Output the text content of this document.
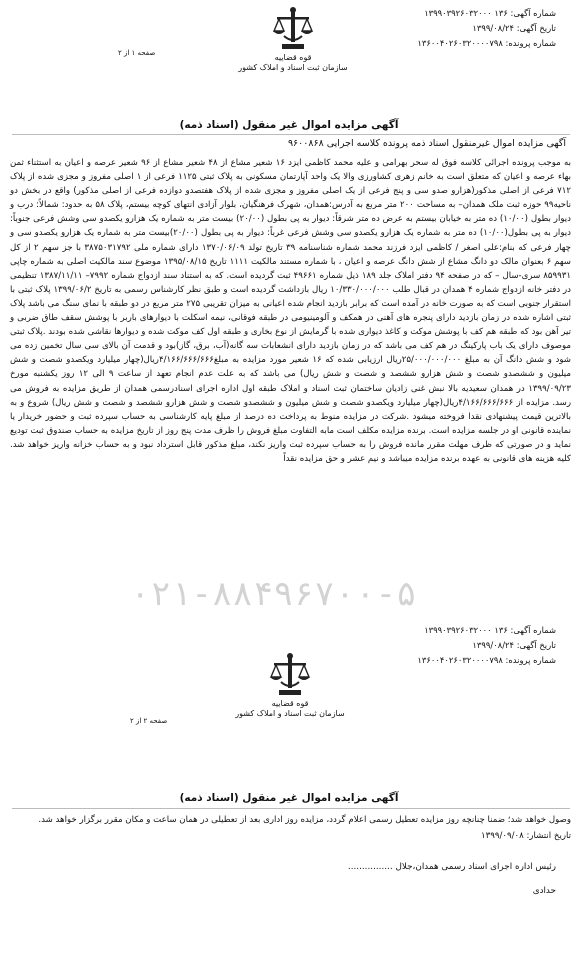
شماره آگهی: ۱۳۶ ۱۳۹۹۰۳۹۲۶۰۳۲۰۰۰
تاریخ آگهی: ۱۳۹۹/۰۸/۲۴
شماره پرونده: ۱۳۶۰۰۴۰۲۶۰۳۲۰۰۰۰۷۹۸
قوه قضاییه
سازمان ثبت اسناد و املاک کشور
صفحه ۱ از ۲
آگهی مزایده اموال غیر منقول (اسناد ذمه)
آگهی مزایده اموال غیرمنقول اسناد ذمه پرونده کلاسه اجرایی ۹۶۰۰۸۶۸
به موجب پرونده اجرائی کلاسه فوق له سحر بهرامی و علیه محمد کاظمی ایزد ۱۶ شعیر مشاع از ۴۸ شعیر مشاع از ۹۶ شعیر عرصه و اعیان به استثناء ثمن بهاء عرصه و اعیان که متعلق است به خانم زهری کشاورزی والا یک واحد آپارتمان مسکونی به پلاک ثبتی ۱۱۲۵ فرعی از ۱ اصلی مفروز و مجزی شده از پلاک ۷۱۲ فرعی از اصلی مذکور(هزارو صدو سی و پنج فرعی از یک اصلی مفروز و مجزی شده از پلاک هفتصدو دوازده فرعی از اصلی مذکور) واقع در بخش دو ناحیه۹۹ حوزه ثبت ملک همدان– به مساحت ۲۰۰ متر مربع به آدرس:همدان، شهرک فرهنگیان، بلوار آزادی انتهای کوچه بیستم، پلاک ۵۸ به حدود: شمالاً: درب و دیوار بطول (۱۰/۰۰) ده متر به خیابان بیستم به عرض ده متر شرقاً: دیوار به پی بطول (۲۰/۰۰) بیست متر به شماره یک هزارو یکصدو سی وشش فرعی جنوباً: دیوار به پی بطول(۱۰/۰۰) ده متر به شماره یک هزارو یکصدو سی وشش فرعی غرباً: دیوار به پی بطول (۲۰/۰۰)بیست متر به شماره یک هزارو یکصدو سی و چهار فرعی که بنام:علی اصغر / کاظمی ایزد فرزند محمد شماره شناسنامه ۳۹ تاریخ تولد ۱۳۷۰/۰۶/۰۹ دارای شماره ملی ۳۸۷۵۰۳۱۷۹۲ با جز سهم ۲ از کل سهم ۶ بعنوان مالک دو دانگ مشاع از شش دانگ عرصه و اعیان ، با شماره مستند مالکیت ۱۱۱۱ تاریخ ۱۳۹۵/۰۸/۱۵ موضوع سند مالکیت اصلی به شماره چاپی ۸۵۹۹۳۱ سری-سال – که در صفحه ۹۴ دفتر املاک جلد ۱۸۹ ذیل شماره ۴۹۶۶۱ ثبت گردیده است. که به استناد سند ازدواج شماره ۷۹۹۲– ۱۳۸۷/۱۱/۱۱ تنظیمی در دفتر خانه ازدواج شماره ۴ همدان در قبال طلب ۱۰/۳۳۰/۰۰۰/۰۰۰ ریال بازداشت گردیده است و طبق نظر کارشناس رسمی به تاریخ ۱۳۹۹/۰۶/۲ پلاک ثبتی با استقرار جنوبی است که به صورت خانه در آمده است که برابر بازدید انجام شده اعیانی به میزان تقریبی ۲۷۵ متر مربع در دو طبقه با نمای سنگ می باشد پلاک ثبتی اشاره شده در زمان بازدید دارای پنجره های آهنی در همکف و آلومینیومی در طبقه فوقانی، نیمه اسکلت با دیوارهای باربر با پوشش سقف طاق ضربی و تیر آهن بود که طبقه هم کف با پوشش موکت و کاغذ دیواری شده با گرمایش از نوع بخاری و طبقه اول کف موکت شده و دیوارها نقاشی شده بودند .پلاک ثبتی موصوف دارای یک باب پارکینگ در هم کف می باشد که در زمان بازدید دارای انشعابات سه گانه(آب، برق، گاز)بود و قدمت آن بالای سی سال تخمین زده می شود و شش دانگ آن به مبلغ ۲۵/۰۰۰/۰۰۰/۰۰۰ریال ارزیابی شده که ۱۶ شعیر مورد مزایده به مبلغ۴/۱۶۶/۶۶۶/۶۶۶ریال(چهار میلیارد ویکصدو شصت و شش میلیون و ششصدو شصت و شش هزارو ششصد و شصت و شش ریال) می باشد که به علت عدم انجام تعهد از ساعت ۹ الی ۱۲ روز یکشنبه مورخ ۱۳۹۹/۰۹/۲۳ در همدان سعیدیه بالا نبش غنی زادیان ساختمان ثبت اسناد و املاک طبقه اول اداره اجرای اسنادرسمی همدان از طریق مزایده به فروش می رسد. مزایده از ۴/۱۶۶/۶۶۶/۶۶۶ریال(چهار میلیارد ویکصدو شصت و شش میلیون و ششصدو شصت و شش هزارو ششصد و شصت و شش ریال) شروع و به بالاترین قیمت پیشنهادی نقدا فروخته میشود .شرکت در مزایده منوط به پرداخت ده درصد از مبلغ پایه کارشناسی به حساب سپرده ثبت و حضور خریدار یا نماینده قانونی او در جلسه مزایده است. برنده مزایده مکلف است مابه التفاوت مبلغ فروش را ظرف مدت پنج روز از تاریخ مزایده به حساب صندوق ثبت تودیع نماید و در صورتی که ظرف مهلت مقرر مانده فروش را به حساب سپرده ثبت واریز نکند، مبلغ مذکور قابل استرداد نبود و به حساب خزانه واریز خواهد شد. کلیه هزینه های قانونی به عهده برنده مزایده میباشد و نیم عشر و حق مزایده نقداً
۰۲۱-۸۸۴۹۶۷۰۰-۵
شماره آگهی: ۱۳۶ ۱۳۹۹۰۳۹۲۶۰۳۲۰۰۰
تاریخ آگهی: ۱۳۹۹/۰۸/۲۴
شماره پرونده: ۱۳۶۰۰۴۰۲۶۰۳۲۰۰۰۰۷۹۸
قوه قضاییه
سازمان ثبت اسناد و املاک کشور
صفحه ۲ از ۲
آگهی مزایده اموال غیر منقول (اسناد ذمه)
وصول خواهد شد؛ ضمنا چنانچه روز مزایده تعطیل رسمی اعلام گردد، مزایده روز اداری بعد از تعطیلی در همان ساعت و مکان مقرر برگزار خواهد شد.
تاریخ انتشار: ۱۳۹۹/۰۹/۰۸
رئیس اداره اجرای اسناد رسمی همدان،جلال ................
حدادی
